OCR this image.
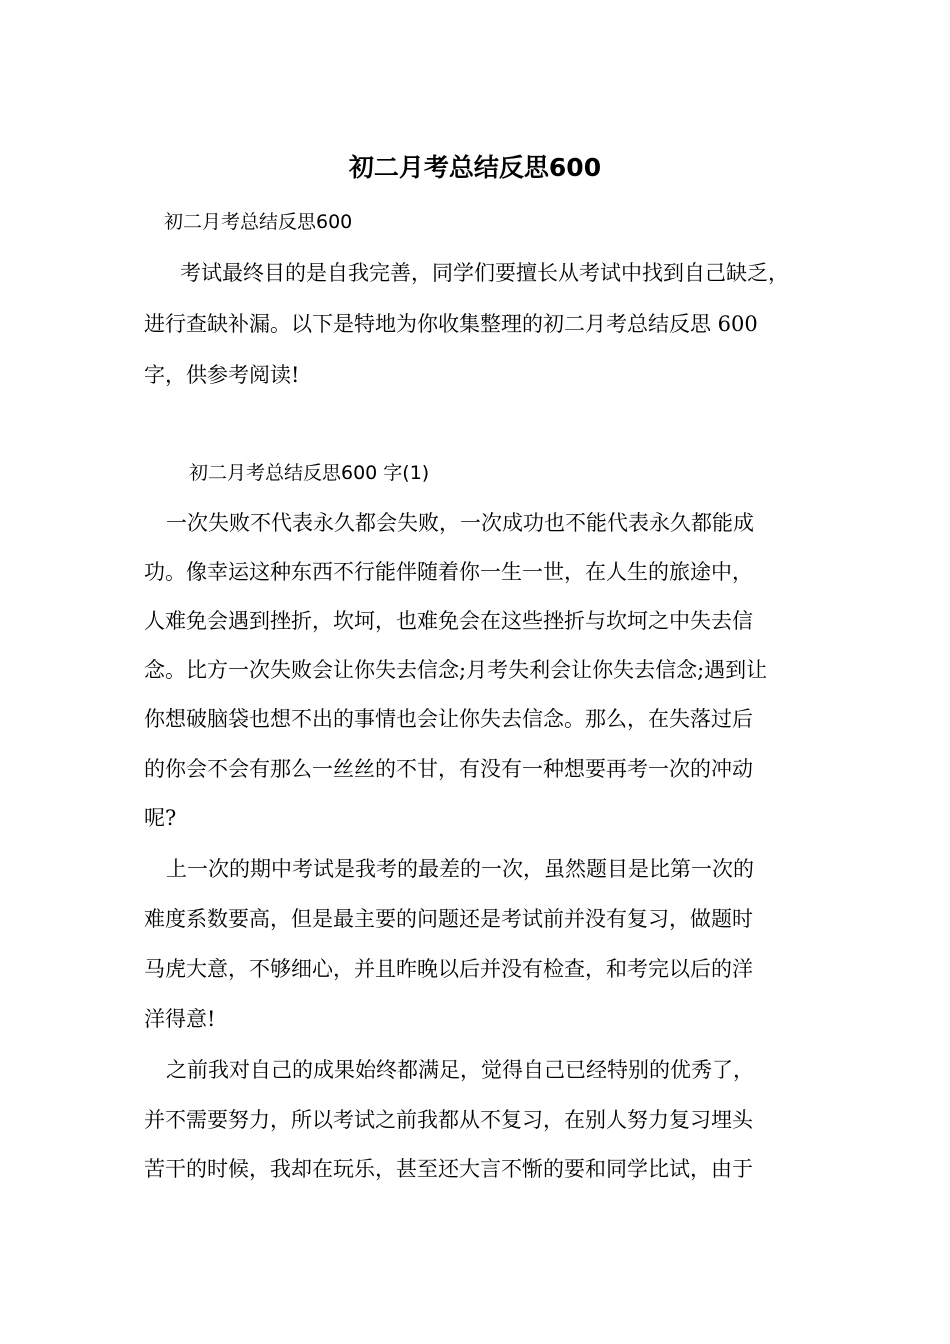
初二月考总结反思600

初二月考总结反思600

考试最终目的是自我完善，同学们要擅长从考试中找到自己缺乏，

进行查缺补漏。以下是特地为你收集整理的初二月考总结反思 600

字，供参考阅读!

初二月考总结反思600 字(1)

一次失败不代表永久都会失败，一次成功也不能代表永久都能成

功。像幸运这种东西不行能伴随着你一生一世，在人生的旅途中，

人难免会遇到挫折，坎坷，也难免会在这些挫折与坎坷之中失去信

念。比方一次失败会让你失去信念;月考失利会让你失去信念;遇到让

你想破脑袋也想不出的事情也会让你失去信念。那么，在失落过后

的你会不会有那么一丝丝的不甘，有没有一种想要再考一次的冲动

呢?

上一次的期中考试是我考的最差的一次，虽然题目是比第一次的

难度系数要高，但是最主要的问题还是考试前并没有复习，做题时

马虎大意，不够细心，并且昨晚以后并没有检查，和考完以后的洋

洋得意!

之前我对自己的成果始终都满足，觉得自己已经特别的优秀了，

并不需要努力，所以考试之前我都从不复习，在别人努力复习埋头

苦干的时候，我却在玩乐，甚至还大言不惭的要和同学比试，由于
